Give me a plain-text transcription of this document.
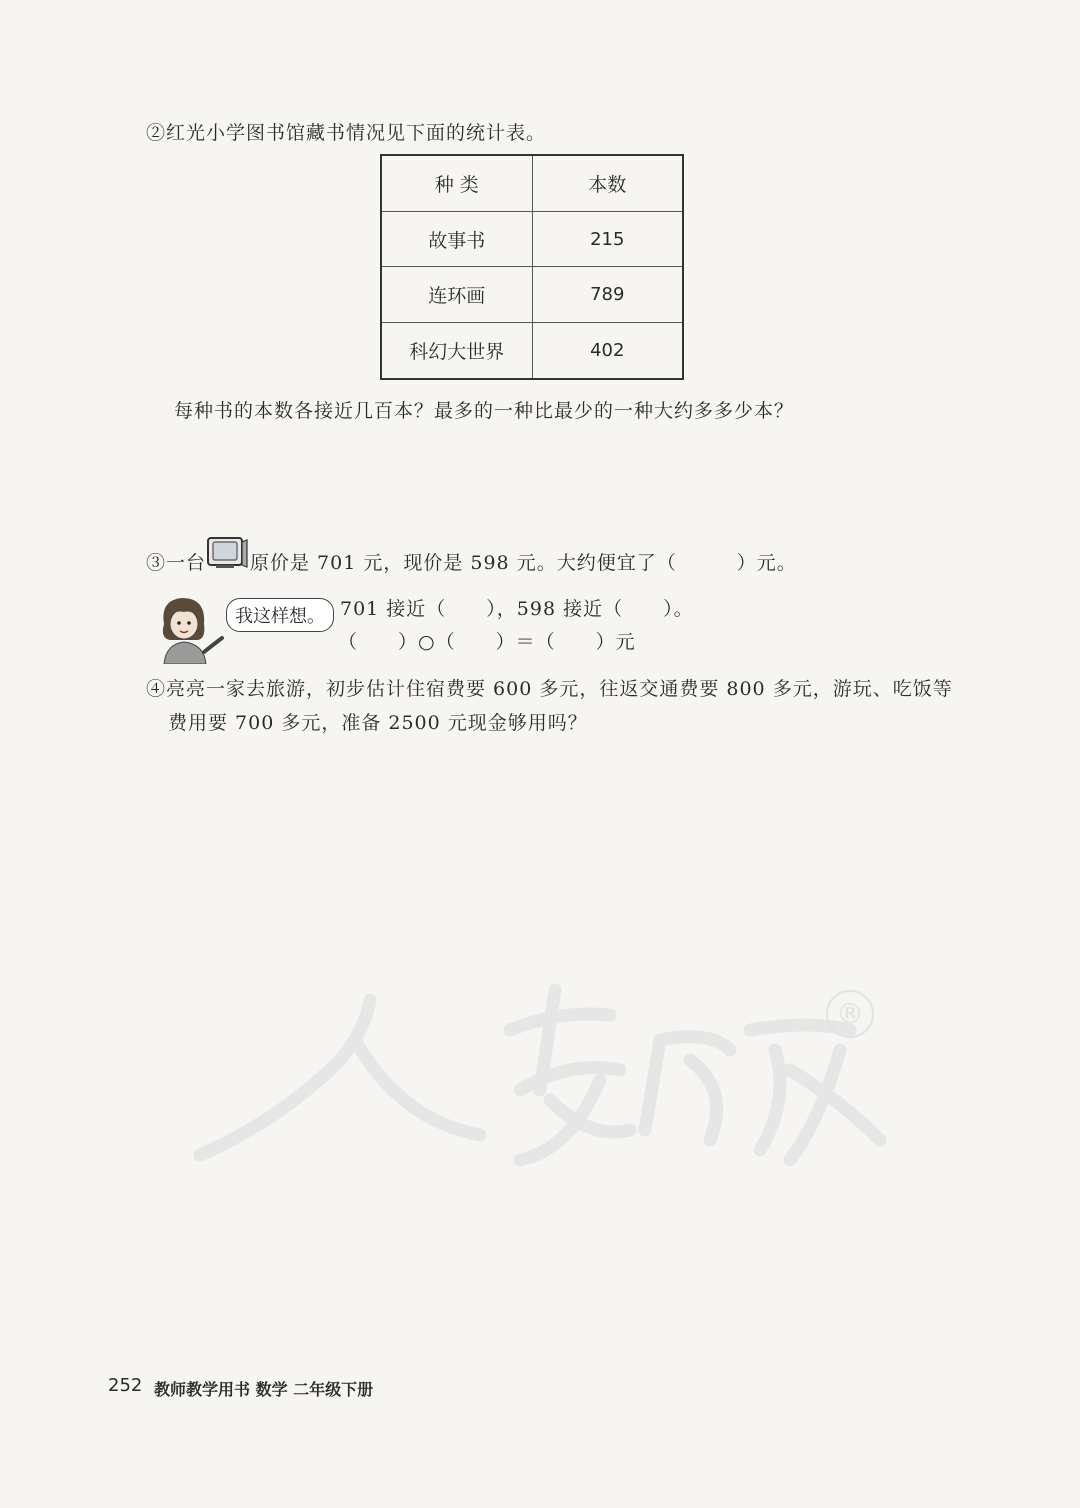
②红光小学图书馆藏书情况见下面的统计表。
种 类	本数
故事书	215
连环画	789
科幻大世界	402
每种书的本数各接近几百本？最多的一种比最少的一种大约多多少本？
③一台 原价是 701 元，现价是 598 元。大约便宜了（　　　）元。
我这样想。 701 接近（　　），598 接近（　　）。
（　　）○（　　）＝（　　）元
④亮亮一家去旅游，初步估计住宿费要 600 多元，往返交通费要 800 多元，游玩、吃饭等
费用要 700 多元，准备 2500 元现金够用吗？
®
252 教师教学用书 数学 二年级下册
